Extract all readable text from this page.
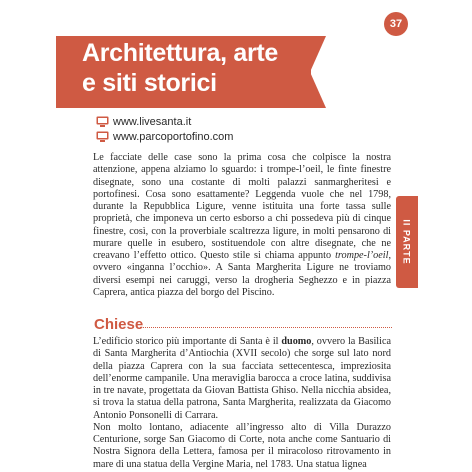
37
Architettura, arte
e siti storici
www.livesanta.it
www.parcoportofino.com

Le facciate delle case sono la prima cosa che colpisce la nostra attenzione, appena alziamo lo sguardo: i trompe-l’oeil, le finte finestre disegnate, sono una costante di molti palazzi sanmargheritesi e portofinesi. Cosa sono esattamente? Leggenda vuole che nel 1798, durante la Repubblica Ligure, venne istituita una forte tassa sulle proprietà, che imponeva un certo esborso a chi possedeva più di cinque finestre, così, con la proverbiale scaltrezza ligure, in molti pensarono di murare quelle in esubero, sostituendole con altre disegnate, che ne creavano l’effetto ottico. Questo stile si chiama appunto trompe-l’oeil, ovvero «inganna l’occhio». A Santa Margherita Ligure ne troviamo diversi esempi nei caruggi, verso la drogheria Seghezzo e in piazza Caprera, antica piazza del borgo del Piscino.

Chiese

L’edificio storico più importante di Santa è il duomo, ovvero la Basilica di Santa Margherita d’Antiochia (XVII secolo) che sorge sul lato nord della piazza Caprera con la sua facciata settecentesca, impreziosita dell’enorme campanile. Una meraviglia barocca a croce latina, suddivisa in tre navate, progettata da Giovan Battista Ghiso. Nella nicchia absidea, si trova la statua della patrona, Santa Margherita, realizzata da Giacomo Antonio Ponsonelli di Carrara.

Non molto lontano, adiacente all’ingresso alto di Villa Durazzo Centurione, sorge San Giacomo di Corte, nota anche come Santuario di Nostra Signora della Lettera, famosa per il miracoloso ritrovamento in mare di una statua della Vergine Maria, nel 1783. Una statua lignea

II PARTE
